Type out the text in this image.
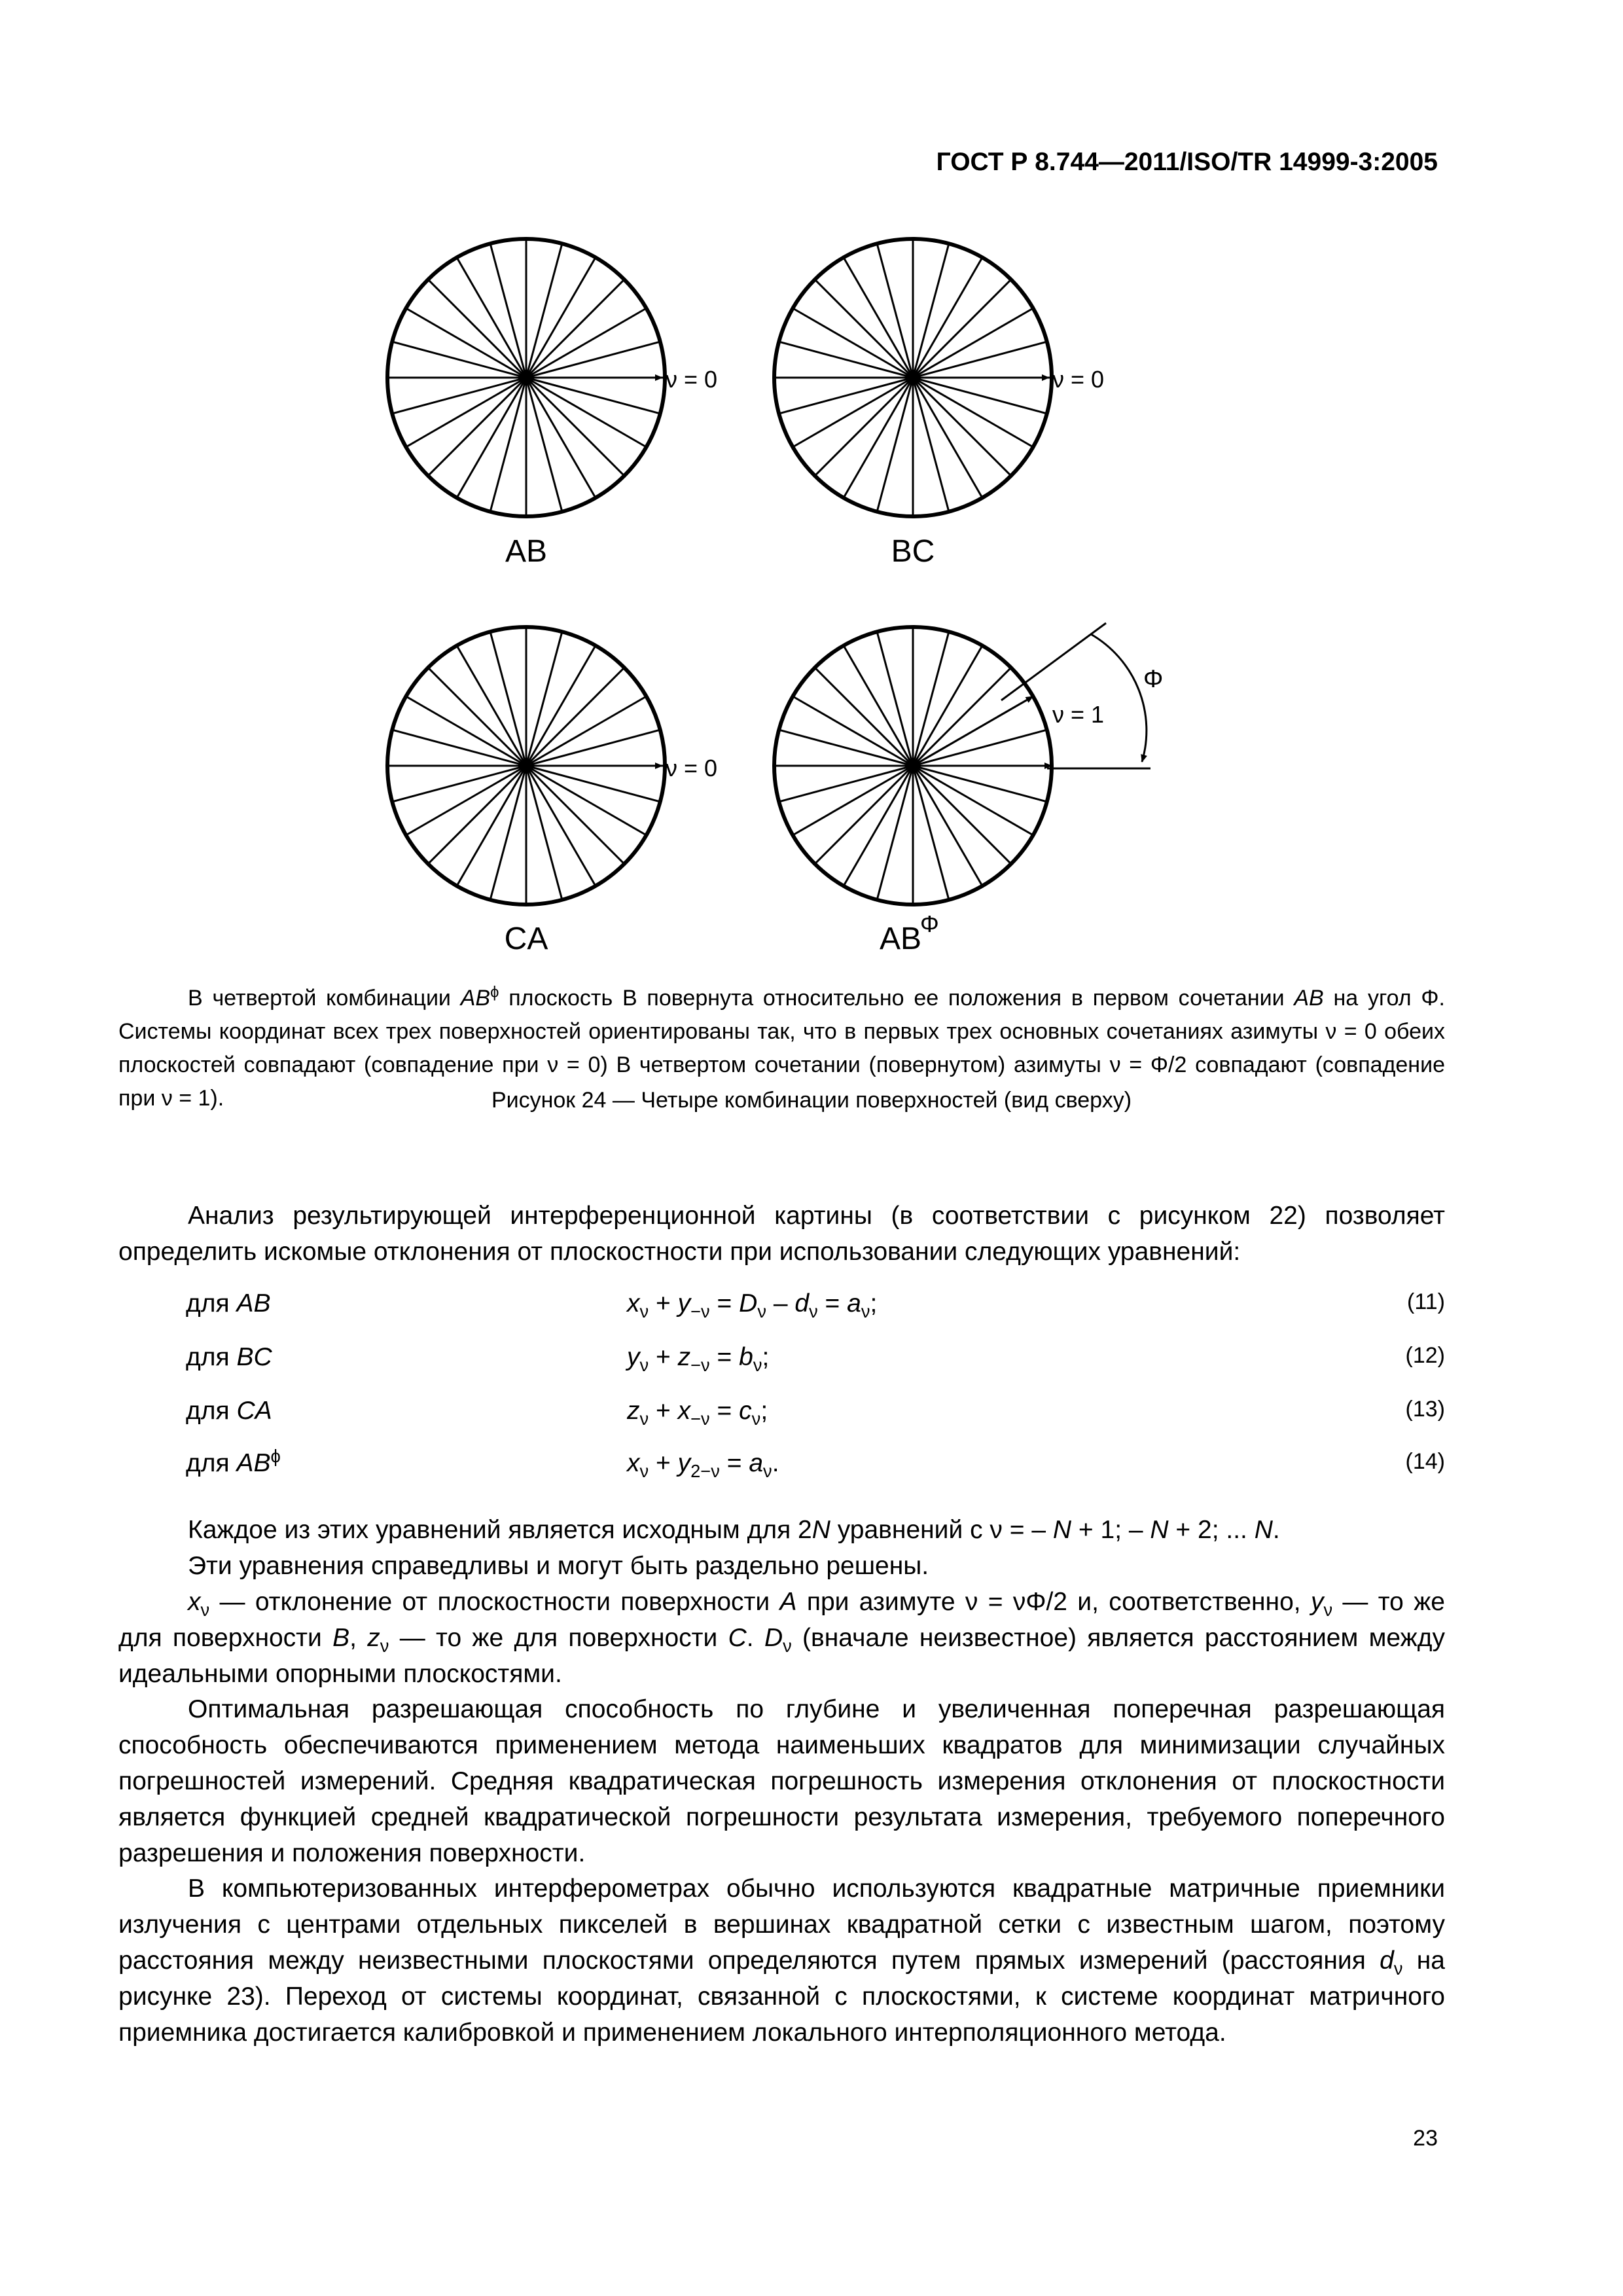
ГОСТ Р 8.744—2011/ISO/TR 14999-3:2005
ν = 0	ν = 0
ν = 0
ν = 1
Φ
AB	BC
CA	AB
Φ

В четвертой комбинации $AB^\phi$ плоскость B повернута относительно ее положения в первом сочетании AB на угол Φ. Системы координат всех трех поверхностей ориентированы так, что в первых трех основных сочетаниях азимуты ν = 0 обеих плоскостей совпадают (совпадение при ν = 0) В четвертом сочетании (повернутом) азимуты ν = Φ/2 совпадают (совпадение при ν = 1).	Рисунок 24 — Четыре комбинации поверхностей (вид сверху)

Анализ результирующей интерференционной картины (в соответствии с рисунком 22) позволяет определить искомые отклонения от плоскостности при использовании следующих уравнений:

для AB	$x_\nu + y_{-\nu} = D_\nu - d_\nu = a_\nu$;	(11)
для BC	$y_\nu + z_{-\nu} = b_\nu$;	(12)
для CA	$z_\nu + x_{-\nu} = c_\nu$;	(13)
для $AB^\phi$	$x_\nu + y_{2-\nu} = a_\nu$.	(14)

Каждое из этих уравнений является исходным для 2N уравнений с ν = – N + 1; – N + 2; ... N.

Эти уравнения справедливы и могут быть раздельно решены.

$x_\nu$ — отклонение от плоскостности поверхности A при азимуте ν = νΦ/2 и, соответственно, $y_\nu$ — то же для поверхности B, $z_\nu$ — то же для поверхности C. $D_\nu$ (вначале неизвестное) является расстоянием между идеальными опорными плоскостями.

Оптимальная разрешающая способность по глубине и увеличенная поперечная разрешающая способность обеспечиваются применением метода наименьших квадратов для минимизации случайных погрешностей измерений. Средняя квадратическая погрешность измерения отклонения от плоскостности является функцией средней квадратической погрешности результата измерения, требуемого поперечного разрешения и положения поверхности.

В компьютеризованных интерферометрах обычно используются квадратные матричные приемники излучения с центрами отдельных пикселей в вершинах квадратной сетки с известным шагом, поэтому расстояния между неизвестными плоскостями определяются путем прямых измерений (расстояния $d_\nu$ на рисунке 23). Переход от системы координат, связанной с плоскостями, к системе координат матричного приемника достигается калибровкой и применением локального интерполяционного метода.

23
